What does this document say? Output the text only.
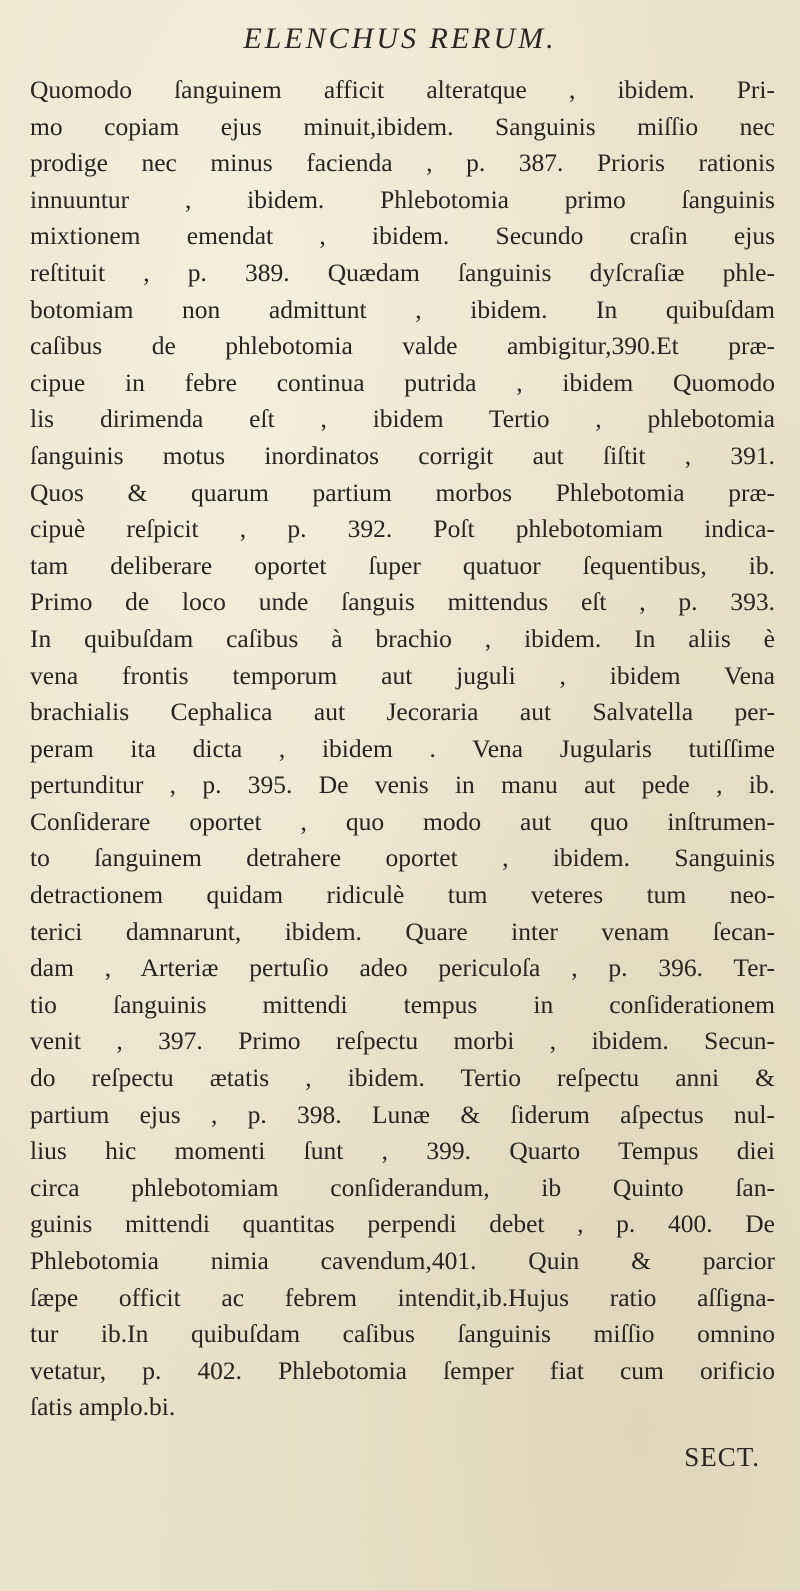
ELENCHUS RERUM.
Quomodo ſanguinem afficit alteratque , ibidem. Pri-
mo copiam ejus minuit,ibidem. Sanguinis miſſio nec
prodige nec minus facienda , p. 387. Prioris rationis
innuuntur , ibidem. Phlebotomia primo ſanguinis
mixtionem emendat , ibidem. Secundo craſin ejus
reſtituit , p. 389. Quædam ſanguinis dyſcraſiæ phle-
botomiam non admittunt , ibidem. In quibuſdam
caſibus de phlebotomia valde ambigitur,390.Et præ-
cipue in febre continua putrida , ibidem Quomodo
lis dirimenda eſt , ibidem Tertio , phlebotomia
ſanguinis motus inordinatos corrigit aut ſiſtit , 391.
Quos & quarum partium morbos Phlebotomia præ-
cipuè reſpicit , p. 392. Poſt phlebotomiam indica-
tam deliberare oportet ſuper quatuor ſequentibus, ib.
Primo de loco unde ſanguis mittendus eſt , p. 393.
In quibuſdam caſibus à brachio , ibidem. In aliis è
vena frontis temporum aut juguli , ibidem Vena
brachialis Cephalica aut Jecoraria aut Salvatella per-
peram ita dicta , ibidem . Vena Jugularis tutiſſime
pertunditur , p. 395. De venis in manu aut pede , ib.
Conſiderare oportet , quo modo aut quo inſtrumen-
to ſanguinem detrahere oportet , ibidem. Sanguinis
detractionem quidam ridiculè tum veteres tum neo-
terici damnarunt, ibidem. Quare inter venam ſecan-
dam , Arteriæ pertuſio adeo periculoſa , p. 396. Ter-
tio ſanguinis mittendi tempus in conſiderationem
venit , 397. Primo reſpectu morbi , ibidem. Secun-
do reſpectu ætatis , ibidem. Tertio reſpectu anni &
partium ejus , p. 398. Lunæ & ſiderum aſpectus nul-
lius hic momenti ſunt , 399. Quarto Tempus diei
circa phlebotomiam conſiderandum, ib Quinto ſan-
guinis mittendi quantitas perpendi debet , p. 400. De
Phlebotomia nimia cavendum,401. Quin & parcior
ſæpe officit ac febrem intendit,ib.Hujus ratio aſſigna-
tur ib.In quibuſdam caſibus ſanguinis miſſio omnino
vetatur, p. 402. Phlebotomia ſemper fiat cum orificio
ſatis amplo.bi.
SECT.
